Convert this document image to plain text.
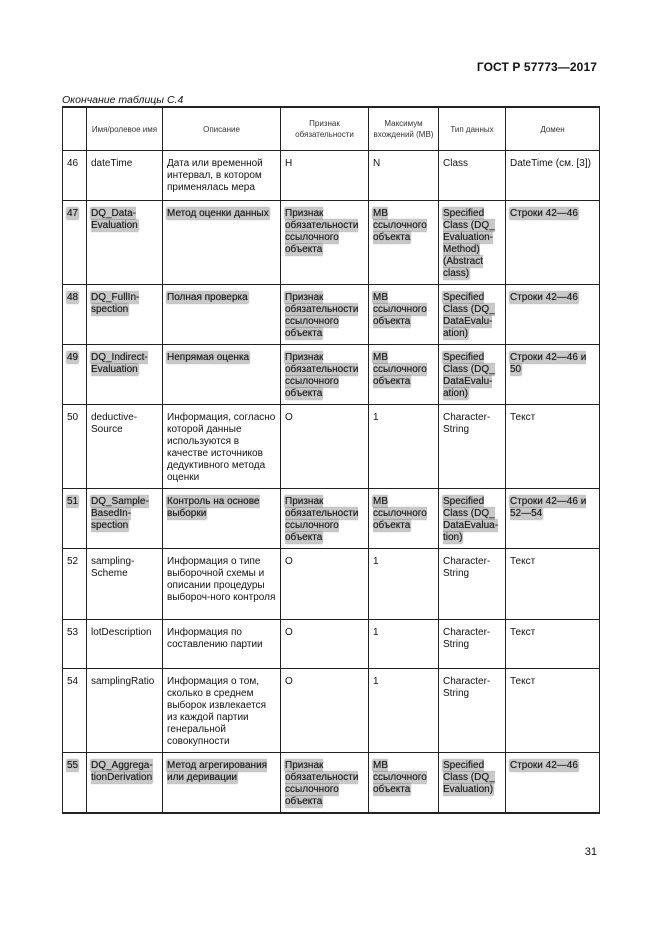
ГОСТ Р 57773—2017
Окончание таблицы С.4
	Имя/ролевое имя	Описание	Признак обязательности	Максимум вхождений (МВ)	Тип данных	Домен
46	dateTime	Дата или временной интервал, в котором применялась мера	Н	N	Class	DateTime (см. [3])
47	DQ_Data-Evaluation	Метод оценки данных	Признак обязательности ссылочного объекта	МВ ссылочного объекта	Specified Class (DQ_ Evaluation-Method) (Abstract class)	Строки 42—46
48	DQ_FullIn-spection	Полная проверка	Признак обязательности ссылочного объекта	МВ ссылочного объекта	Specified Class (DQ_ DataEvalu-ation)	Строки 42—46
49	DQ_Indirect-Evaluation	Непрямая оценка	Признак обязательности ссылочного объекта	МВ ссылочного объекта	Specified Class (DQ_ DataEvalu-ation)	Строки 42—46 и 50
50	deductive-Source	Информация, согласно которой данные используются в качестве источников дедуктивного метода оценки	O	1	Character-String	Текст
51	DQ_Sample-BasedIn-spection	Контроль на основе выборки	Признак обязательности ссылочного объекта	МВ ссылочного объекта	Specified Class (DQ_ DataEvalua-tion)	Строки 42—46 и 52—54
52	sampling-Scheme	Информация о типе выборочной схемы и описании процедуры выбороч-ного контроля	O	1	Character-String	Текст
53	lotDescription	Информация по составлению партии	O	1	Character-String	Текст
54	samplingRatio	Информация о том, сколько в среднем выборок извлекается из каждой партии генеральной совокупности	O	1	Character-String	Текст
55	DQ_Aggrega-tionDerivation	Метод агрегирования или деривации	Признак обязательности ссылочного объекта	МВ ссылочного объекта	Specified Class (DQ_ Evaluation)	Строки 42—46
31
